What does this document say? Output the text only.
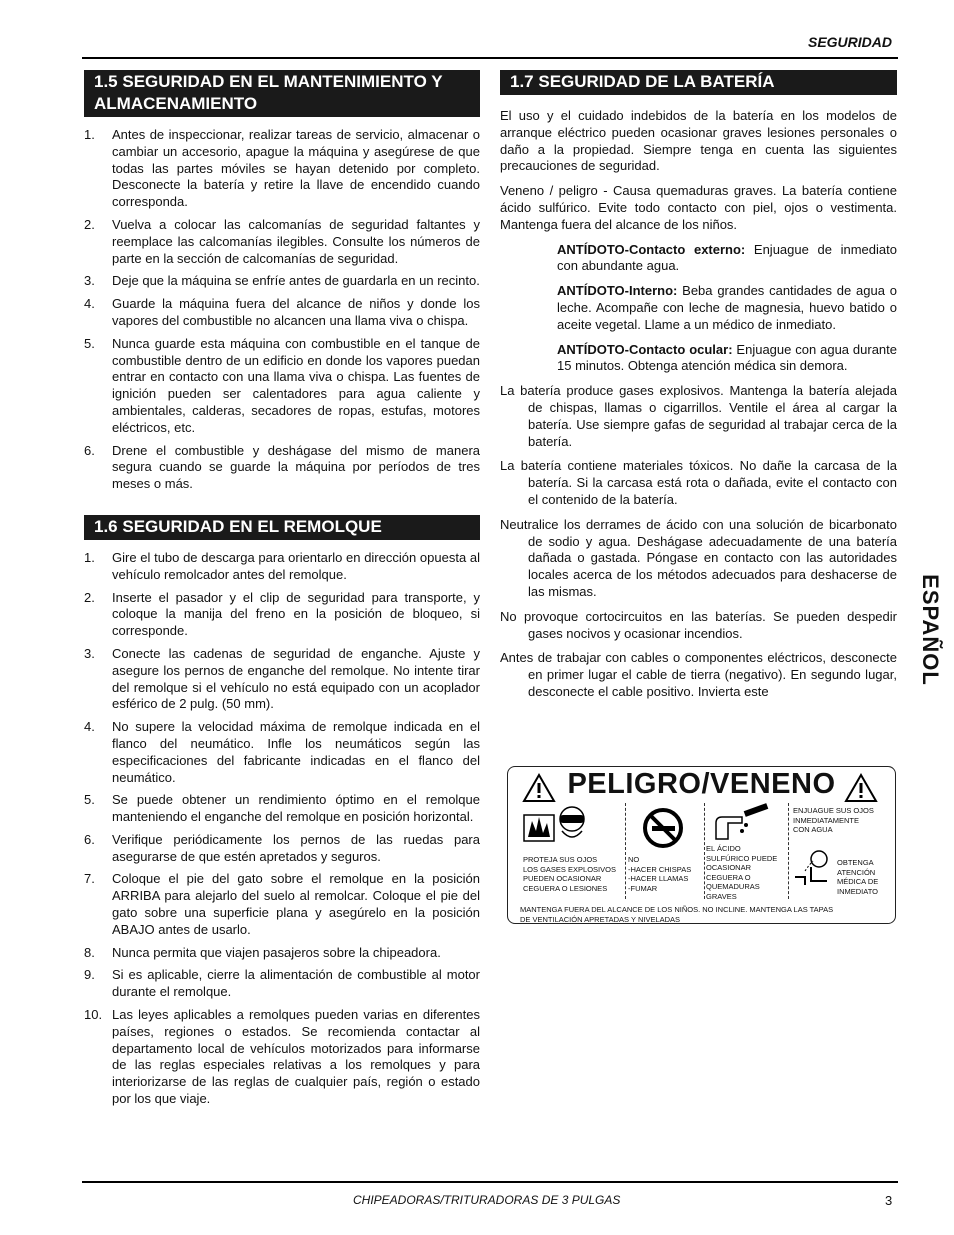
SEGURIDAD
ESPAÑOL
1.5 SEGURIDAD EN EL MANTENIMIENTO Y ALMACENAMIENTO
1. Antes de inspeccionar, realizar tareas de servicio, almacenar o cambiar un accesorio, apague la máquina y asegúrese de que todas las partes móviles se hayan detenido por completo. Desconecte la batería y retire la llave de encendido cuando corresponda.
2. Vuelva a colocar las calcomanías de seguridad faltantes y reemplace las calcomanías ilegibles. Consulte los números de parte en la sección de calcomanías de seguridad.
3. Deje que la máquina se enfríe antes de guardarla en un recinto.
4. Guarde la máquina fuera del alcance de niños y donde los vapores del combustible no alcancen una llama viva o chispa.
5. Nunca guarde esta máquina con combustible en el tanque de combustible dentro de un edificio en donde los vapores puedan entrar en contacto con una llama viva o chispa. Las fuentes de ignición pueden ser calentadores para agua caliente y ambientales, calderas, secadores de ropas, estufas, motores eléctricos, etc.
6. Drene el combustible y deshágase del mismo de manera segura cuando se guarde la máquina por períodos de tres meses o más.
1.6 SEGURIDAD EN EL REMOLQUE
1. Gire el tubo de descarga para orientarlo en dirección opuesta al vehículo remolcador antes del remolque.
2. Inserte el pasador y el clip de seguridad para transporte, y coloque la manija del freno en la posición de bloqueo, si corresponde.
3. Conecte las cadenas de seguridad de enganche. Ajuste y asegure los pernos de enganche del remolque. No intente tirar del remolque si el vehículo no está equipado con un acoplador esférico de 2 pulg. (50 mm).
4. No supere la velocidad máxima de remolque indicada en el flanco del neumático. Infle los neumáticos según las especificaciones del fabricante indicadas en el flanco del neumático.
5. Se puede obtener un rendimiento óptimo en el remolque manteniendo el enganche del remolque en posición horizontal.
6. Verifique periódicamente los pernos de las ruedas para asegurarse de que estén apretados y seguros.
7. Coloque el pie del gato sobre el remolque en la posición ARRIBA para alejarlo del suelo al remolcar. Coloque el pie del gato sobre una superficie plana y asegúrelo en la posición ABAJO antes de usarlo.
8. Nunca permita que viajen pasajeros sobre la chipeadora.
9. Si es aplicable, cierre la alimentación de combustible al motor durante el remolque.
10. Las leyes aplicables a remolques pueden varias en diferentes países, regiones o estados. Se recomienda contactar al departamento local de vehículos motorizados para informarse de las reglas especiales relativas a los remolques y para interiorizarse de las reglas de cualquier país, región o estado por los que viaje.
1.7 SEGURIDAD DE LA BATERÍA

El uso y el cuidado indebidos de la batería en los modelos de arranque eléctrico pueden ocasionar graves lesiones personales o daño a la propiedad. Siempre tenga en cuenta las siguientes precauciones de seguridad.

Veneno / peligro - Causa quemaduras graves. La batería contiene ácido sulfúrico. Evite todo contacto con piel, ojos o vestimenta. Mantenga fuera del alcance de los niños.

ANTÍDOTO-Contacto externo: Enjuague de inmediato con abundante agua.

ANTÍDOTO-Interno: Beba grandes cantidades de agua o leche. Acompañe con leche de magnesia, huevo batido o aceite vegetal. Llame a un médico de inmediato.

ANTÍDOTO-Contacto ocular: Enjuague con agua durante 15 minutos. Obtenga atención médica sin demora.

La batería produce gases explosivos. Mantenga la batería alejada de chispas, llamas o cigarrillos. Ventile el área al cargar la batería. Use siempre gafas de seguridad al trabajar cerca de la batería.

La batería contiene materiales tóxicos. No dañe la carcasa de la batería. Si la carcasa está rota o dañada, evite el contacto con el contenido de la batería.

Neutralice los derrames de ácido con una solución de bicarbonato de sodio y agua. Deshágase adecuadamente de una batería dañada o gastada. Póngase en contacto con las autoridades locales acerca de los métodos adecuados para deshacerse de las mismas.

No provoque cortocircuitos en las baterías. Se pueden despedir gases nocivos y ocasionar incendios.

Antes de trabajar con cables o componentes eléctricos, desconecte en primer lugar el cable de tierra (negativo). En segundo lugar, desconecte el cable positivo. Invierta este

PELIGRO/VENENO
PROTEJA SUS OJOS
LOS GASES EXPLOSIVOS
PUEDEN OCASIONAR
CEGUERA O LESIONES
NO
-HACER CHISPAS
-HACER LLAMAS
-FUMAR
EL ÁCIDO
SULFÚRICO PUEDE
OCASIONAR
CEGUERA O
QUEMADURAS
GRAVES
ENJUAGUE SUS OJOS
INMEDIATAMENTE
CON AGUA
OBTENGA
ATENCIÓN
MÉDICA DE
INMEDIATO
MANTENGA FUERA DEL ALCANCE DE LOS NIÑOS. NO INCLINE. MANTENGA LAS TAPAS
DE VENTILACIÓN APRETADAS Y NIVELADAS
CHIPEADORAS/TRITURADORAS DE 3 PULGAS	3
